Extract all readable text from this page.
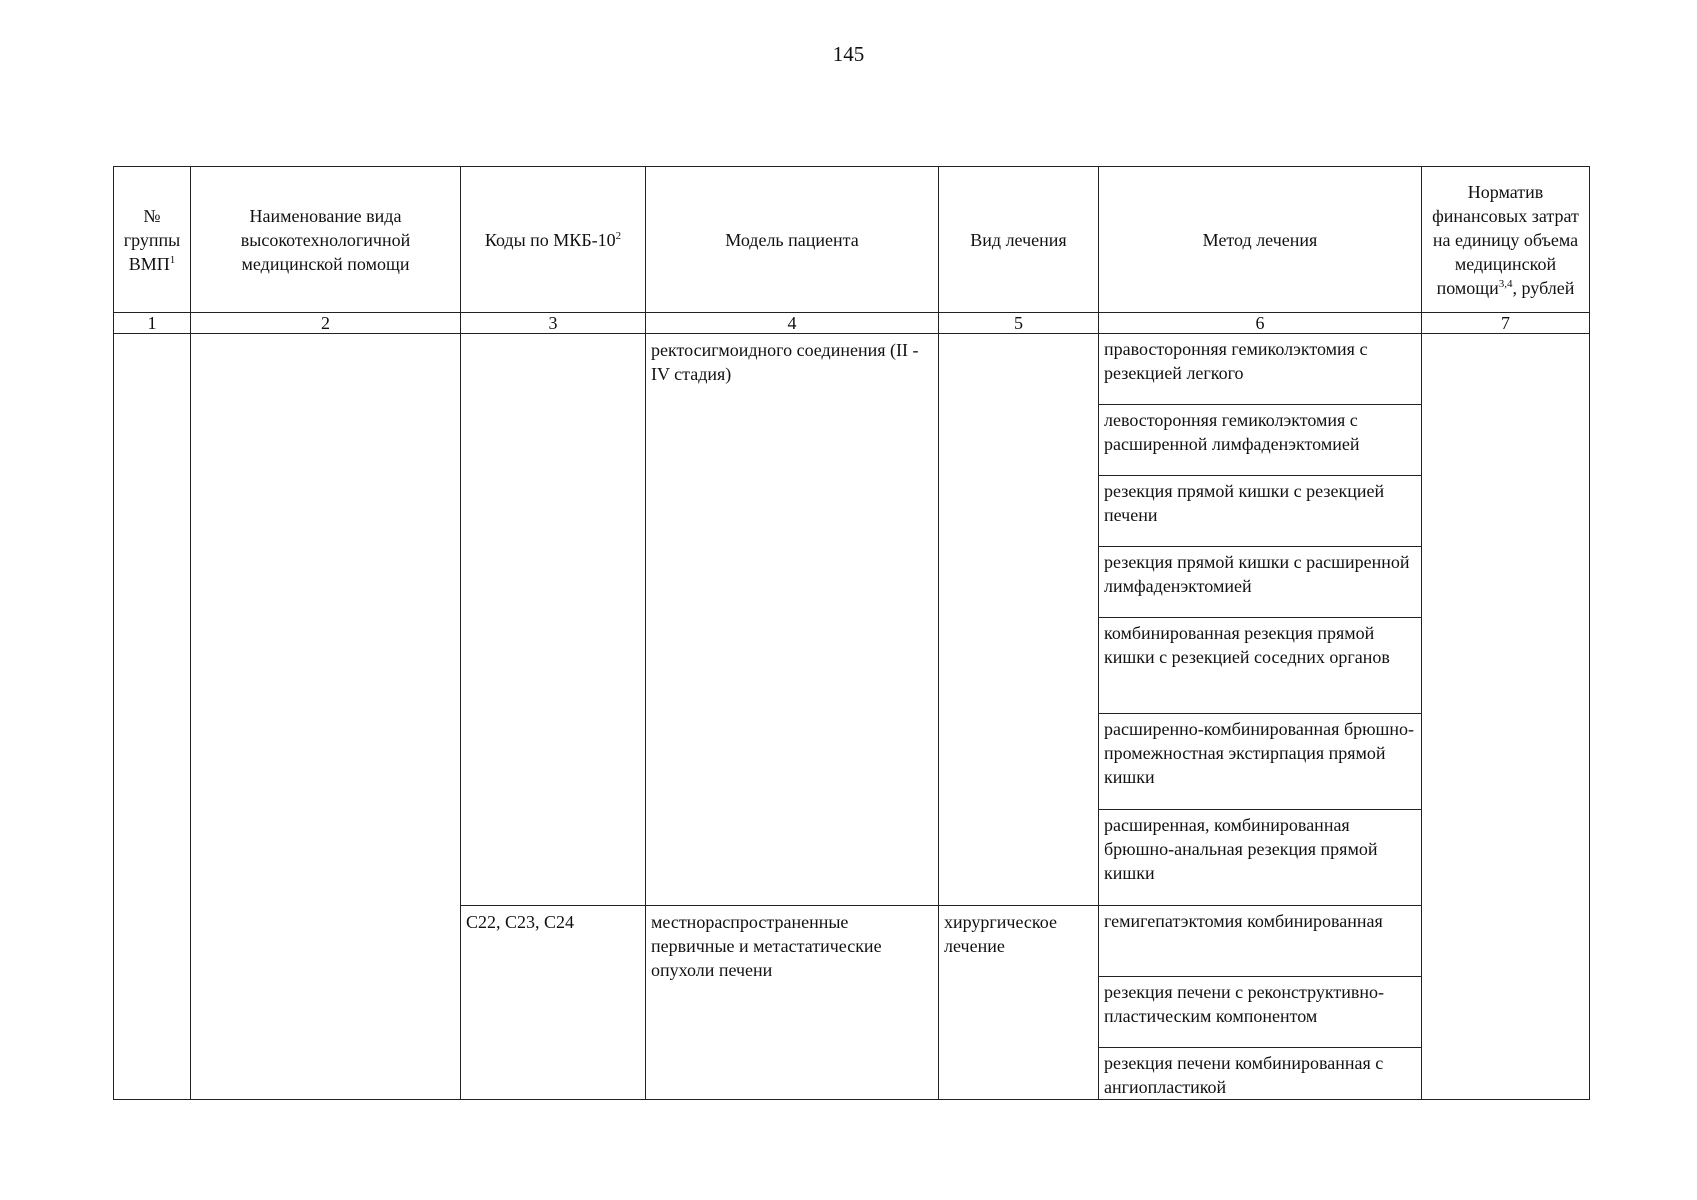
145
№ группы ВМП$^1$	Наименование вида высокотехнологичной медицинской помощи	Коды по МКБ-$10^2$	Модель пациента	Вид лечения	Метод лечения	Норматив финансовых затрат на единицу объема медицинской помощи$^{3,4}$, рублей
1	2	3	4	5	6	7

			ректосигмоидного соединения (II - IV стадия)		правосторонняя гемиколэктомия с резекцией легкого	

					левосторонняя гемиколэктомия с расширенной лимфаденэктомией	

					резекция прямой кишки с резекцией печени	

					резекция прямой кишки с расширенной лимфаденэктомией	

					комбинированная резекция прямой кишки с резекцией соседних органов	

					расширенно-комбинированная брюшно-промежностная экстирпация прямой кишки	

					расширенная, комбинированная брюшно-анальная резекция прямой кишки	

		C22, C23, C24	местнораспространенные первичные и метастатические опухоли печени	хирургическое лечение	гемигепатэктомия комбинированная	

					резекция печени с реконструктивно-пластическим компонентом	

					резекция печени комбинированная с ангиопластикой	
